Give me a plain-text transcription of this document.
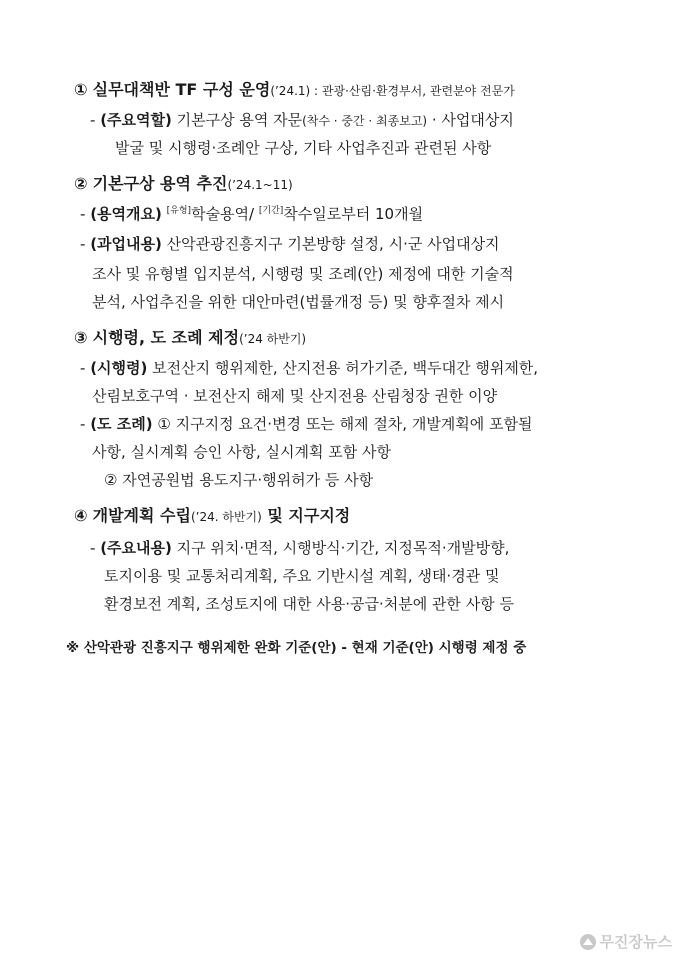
① 실무대책반 TF 구성 운영(’24.1) : 관광·산림·환경부서, 관련분야 전문가
- (주요역할) 기본구상 용역 자문(착수 · 중간 · 최종보고) · 사업대상지
발굴 및 시행령·조례안 구상, 기타 사업추진과 관련된 사항
② 기본구상 용역 추진(’24.1~11)
- (용역개요) [유형]학술용역/ [기간]착수일로부터 10개월
- (과업내용) 산악관광진흥지구 기본방향 설정, 시·군 사업대상지
조사 및 유형별 입지분석, 시행령 및 조례(안) 제정에 대한 기술적
분석, 사업추진을 위한 대안마련(법률개정 등) 및 향후절차 제시
③ 시행령, 도 조례 제정(’24 하반기)
- (시행령) 보전산지 행위제한, 산지전용 허가기준, 백두대간 행위제한,
산림보호구역 · 보전산지 해제 및 산지전용 산림청장 권한 이양
- (도 조례) ① 지구지정 요건·변경 또는 해제 절차, 개발계획에 포함될
사항, 실시계획 승인 사항, 실시계획 포함 사항
② 자연공원법 용도지구·행위허가 등 사항
④ 개발계획 수립(’24. 하반기) 및 지구지정
- (주요내용) 지구 위치·면적, 시행방식·기간, 지정목적·개발방향,
토지이용 및 교통처리계획, 주요 기반시설 계획, 생태·경관 및
환경보전 계획, 조성토지에 대한 사용·공급·처분에 관한 사항 등
※ 산악관광 진흥지구 행위제한 완화 기준(안) - 현재 기준(안) 시행령 제정 중
무진장뉴스
